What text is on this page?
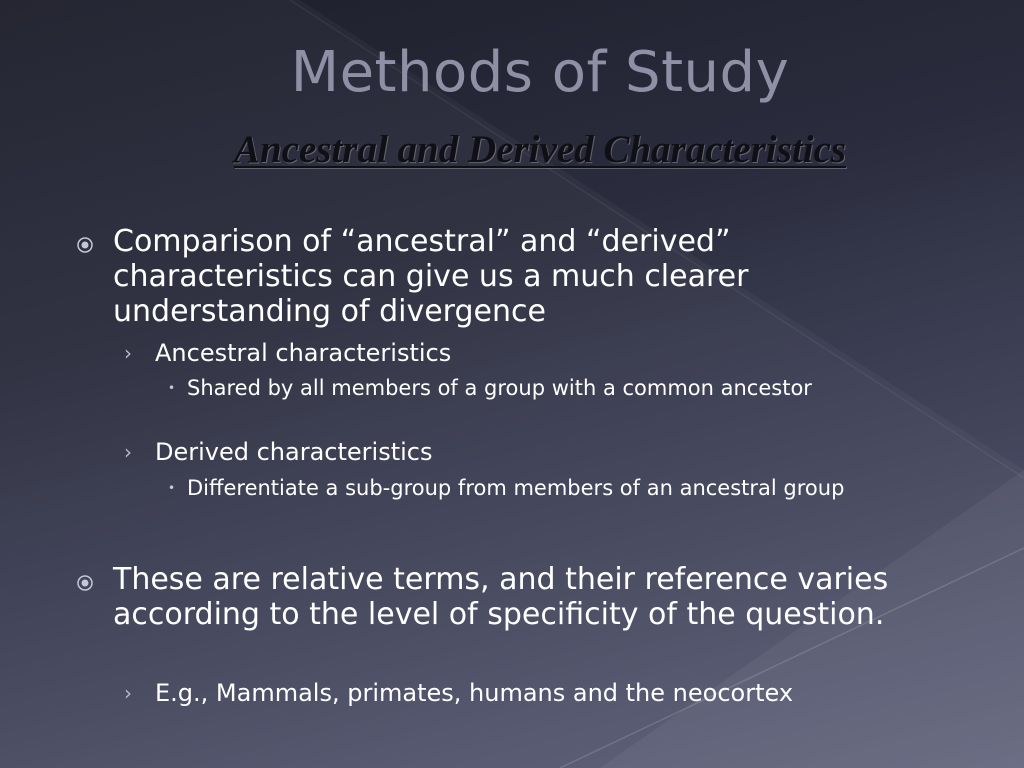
Methods of Study
Ancestral and Derived Characteristics
Comparison of “ancestral” and “derived” characteristics can give us a much clearer understanding of divergence
› Ancestral characteristics
• Shared by all members of a group with a common ancestor
› Derived characteristics
• Differentiate a sub-group from members of an ancestral group
These are relative terms, and their reference varies according to the level of specificity of the question.
› E.g., Mammals, primates, humans and the neocortex
